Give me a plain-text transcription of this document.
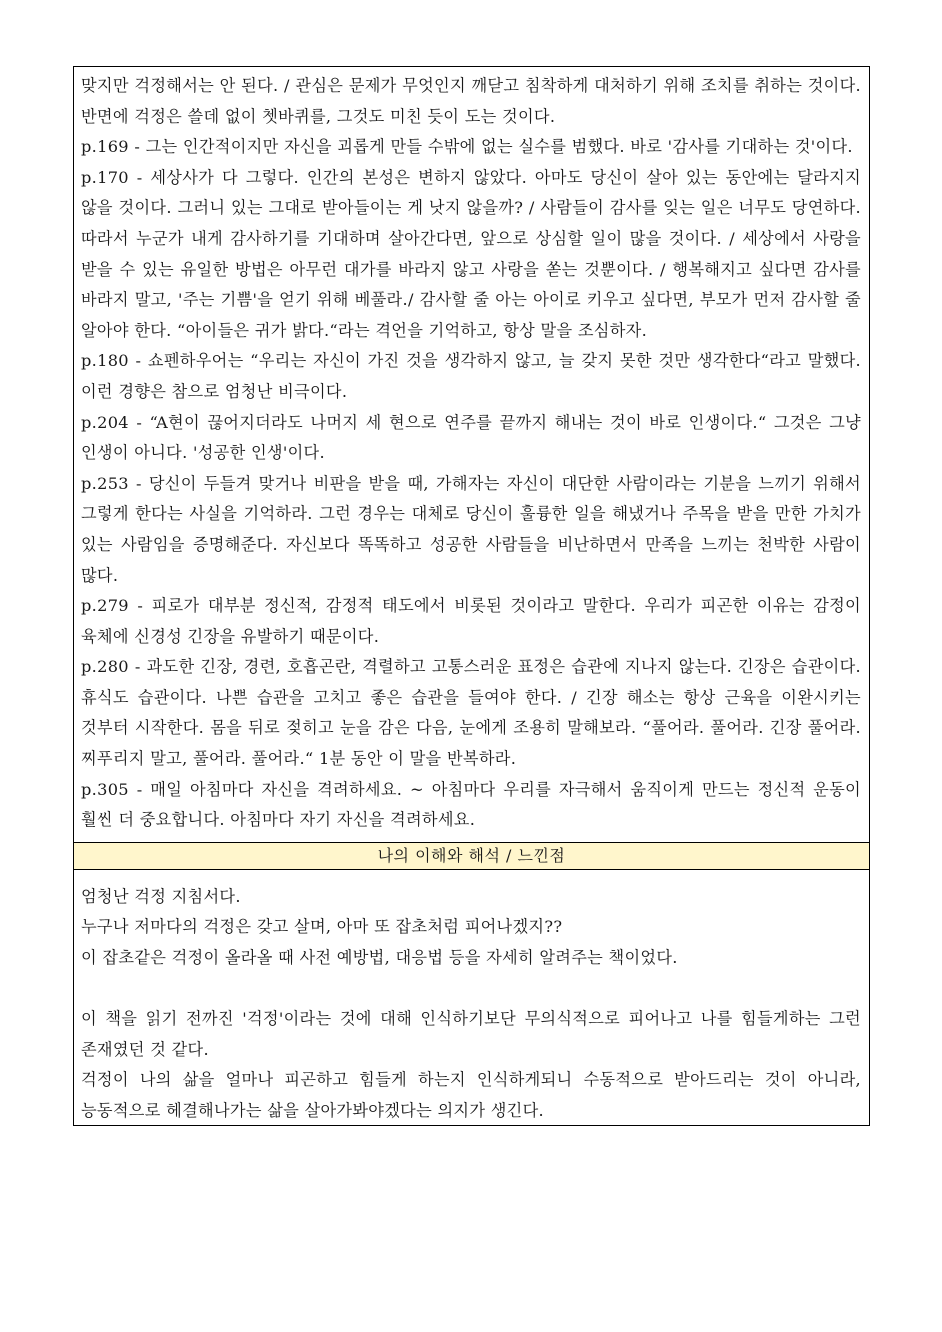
맞지만 걱정해서는 안 된다. / 관심은 문제가 무엇인지 깨닫고 침착하게 대처하기 위해 조치를 취하는 것이다. 반면에 걱정은 쓸데 없이 쳇바퀴를, 그것도 미친 듯이 도는 것이다.

p.169 - 그는 인간적이지만 자신을 괴롭게 만들 수밖에 없는 실수를 범했다. 바로 '감사를 기대하는 것'이다.

p.170 - 세상사가 다 그렇다. 인간의 본성은 변하지 않았다. 아마도 당신이 살아 있는 동안에는 달라지지 않을 것이다. 그러니 있는 그대로 받아들이는 게 낫지 않을까? / 사람들이 감사를 잊는 일은 너무도 당연하다. 따라서 누군가 내게 감사하기를 기대하며 살아간다면, 앞으로 상심할 일이 많을 것이다. / 세상에서 사랑을 받을 수 있는 유일한 방법은 아무런 대가를 바라지 않고 사랑을 쏟는 것뿐이다. / 행복해지고 싶다면 감사를 바라지 말고, '주는 기쁨'을 얻기 위해 베풀라./ 감사할 줄 아는 아이로 키우고 싶다면, 부모가 먼저 감사할 줄 알아야 한다. “아이들은 귀가 밝다.“라는 격언을 기억하고, 항상 말을 조심하자.

p.180 - 쇼펜하우어는 “우리는 자신이 가진 것을 생각하지 않고, 늘 갖지 못한 것만 생각한다“라고 말했다. 이런 경향은 참으로 엄청난 비극이다.

p.204 - “A현이 끊어지더라도 나머지 세 현으로 연주를 끝까지 해내는 것이 바로 인생이다.“ 그것은 그냥 인생이 아니다. '성공한 인생'이다.

p.253 - 당신이 두들겨 맞거나 비판을 받을 때, 가해자는 자신이 대단한 사람이라는 기분을 느끼기 위해서 그렇게 한다는 사실을 기억하라. 그런 경우는 대체로 당신이 훌륭한 일을 해냈거나 주목을 받을 만한 가치가 있는 사람임을 증명해준다. 자신보다 똑똑하고 성공한 사람들을 비난하면서 만족을 느끼는 천박한 사람이 많다.

p.279 - 피로가 대부분 정신적, 감정적 태도에서 비롯된 것이라고 말한다. 우리가 피곤한 이유는 감정이 육체에 신경성 긴장을 유발하기 때문이다.

p.280 - 과도한 긴장, 경련, 호흡곤란, 격렬하고 고통스러운 표정은 습관에 지나지 않는다. 긴장은 습관이다. 휴식도 습관이다. 나쁜 습관을 고치고 좋은 습관을 들여야 한다. / 긴장 해소는 항상 근육을 이완시키는 것부터 시작한다. 몸을 뒤로 젖히고 눈을 감은 다음, 눈에게 조용히 말해보라. “풀어라. 풀어라. 긴장 풀어라. 찌푸리지 말고, 풀어라. 풀어라.“ 1분 동안 이 말을 반복하라.

p.305 - 매일 아침마다 자신을 격려하세요. ~ 아침마다 우리를 자극해서 움직이게 만드는 정신적 운동이 훨씬 더 중요합니다. 아침마다 자기 자신을 격려하세요.

나의 이해와 해석 / 느낀점

엄청난 걱정 지침서다.

누구나 저마다의 걱정은 갖고 살며, 아마 또 잡초처럼 피어나겠지??

이 잡초같은 걱정이 올라올 때 사전 예방법, 대응법 등을 자세히 알려주는 책이었다.

이 책을 읽기 전까진 '걱정'이라는 것에 대해 인식하기보단 무의식적으로 피어나고 나를 힘들게하는 그런 존재였던 것 같다.

걱정이 나의 삶을 얼마나 피곤하고 힘들게 하는지 인식하게되니 수동적으로 받아드리는 것이 아니라, 능동적으로 헤결해나가는 삶을 살아가봐야겠다는 의지가 생긴다.
